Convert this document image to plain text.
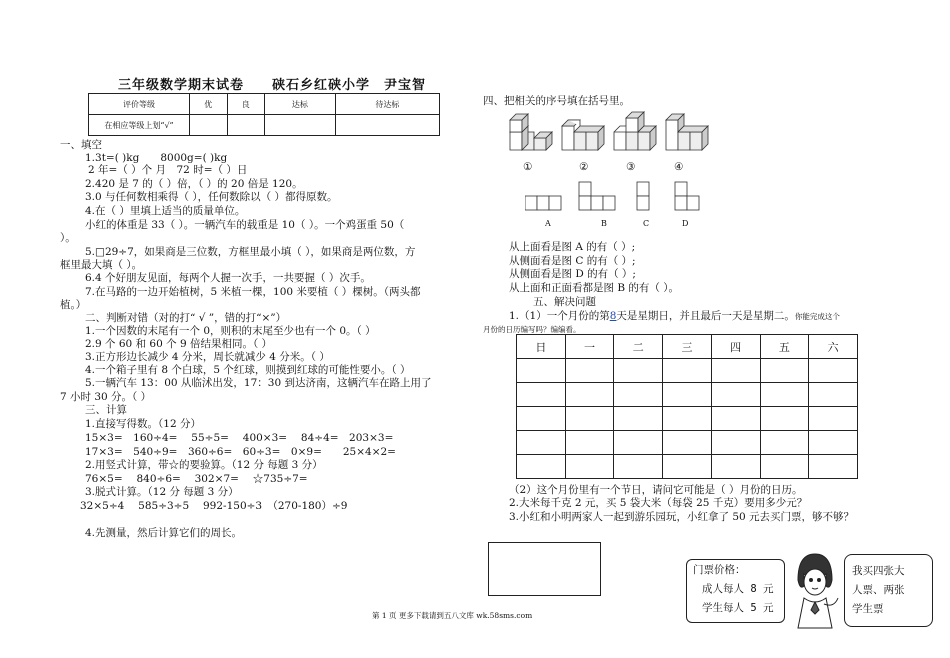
三年级数学期末试卷　　硖石乡红硖小学　尹宝智
评价等级	优	良	达标	待达标
在相应等级上划“√”				
一、填空
1.3t=( )kg　　8000g=( )kg
2 年=（ ）个 月　72 时=（ ）日
2.420 是 7 的（ ）倍，（ ）的 20 倍是 120。
3.0 与任何数相乘得（ ），任何数除以（ ）都得原数。
4.在（ ）里填上适当的质量单位。
小红的体重是 33（ ）。一辆汽车的载重是 10（ ）。一个鸡蛋重 50（
）。
5.□29÷7，如果商是三位数，方框里最小填（ ），如果商是两位数，方
框里最大填（ ）。
6.4 个好朋友见面，每两个人握一次手，一共要握（ ）次手。
7.在马路的一边开始植树，5 米植一棵，100 米要植（ ）棵树。（两头都
植。）
二、判断对错（对的打“ √ ”，错的打“×”）
1.一个因数的末尾有一个 0，则积的末尾至少也有一个 0。（ ）
2.9 个 60 和 60 个 9 倍结果相同。（ ）
3.正方形边长减少 4 分米，周长就减少 4 分米。（ ）
4.一个箱子里有 8 个白球，5 个红球，则摸到红球的可能性要小。（ ）
5.一辆汽车 13：00 从临沭出发，17：30 到达济南，这辆汽车在路上用了
7 小时 30 分。（ ）
三、计算
1.直接写得数。（12 分）
15×3=　160÷4=　 55÷5=　 400×3=　 84÷4=　203×3=
17×3=　540÷9=　360÷6=　60÷3=　0×9=　　25×4×2=
2.用竖式计算，带☆的要验算。（12 分 每题 3 分）
76×5=　 840÷6=　 302×7=　 ☆735÷7=
3.脱式计算。（12 分 每题 3 分）
32×5÷4　 585÷3÷5　 992-150÷3　（270-180）÷9
4.先测量，然后计算它们的周长。
四、把相关的序号填在括号里。
①	②	③	④
A	B	C	D
从上面看是图 A 的有（ ）;
从侧面看是图 C 的有（ ）;
从侧面看是图 D 的有（ ）;
从上面和正面看都是图 B 的有（ ）。
五、解决问题
1.（1）一个月份的第8天是星期日，并且最后一天是星期二。你能完成这个
月份的日历编写吗？编编看。
日	一	二	三	四	五	六

（2）这个月份里有一个节日，请问它可能是（ ）月份的日历。
2.大米每千克 2 元，买 5 袋大米（每袋 25 千克）要用多少元？
3.小红和小明两家人一起到游乐园玩，小红拿了 50 元去买门票，够不够？
门票价格：
成人每人 8 元
学生每人 5 元
我买四张大
人票、两张
学生票
第 1 页 更多下载请到五八文库 wk.58sms.com
